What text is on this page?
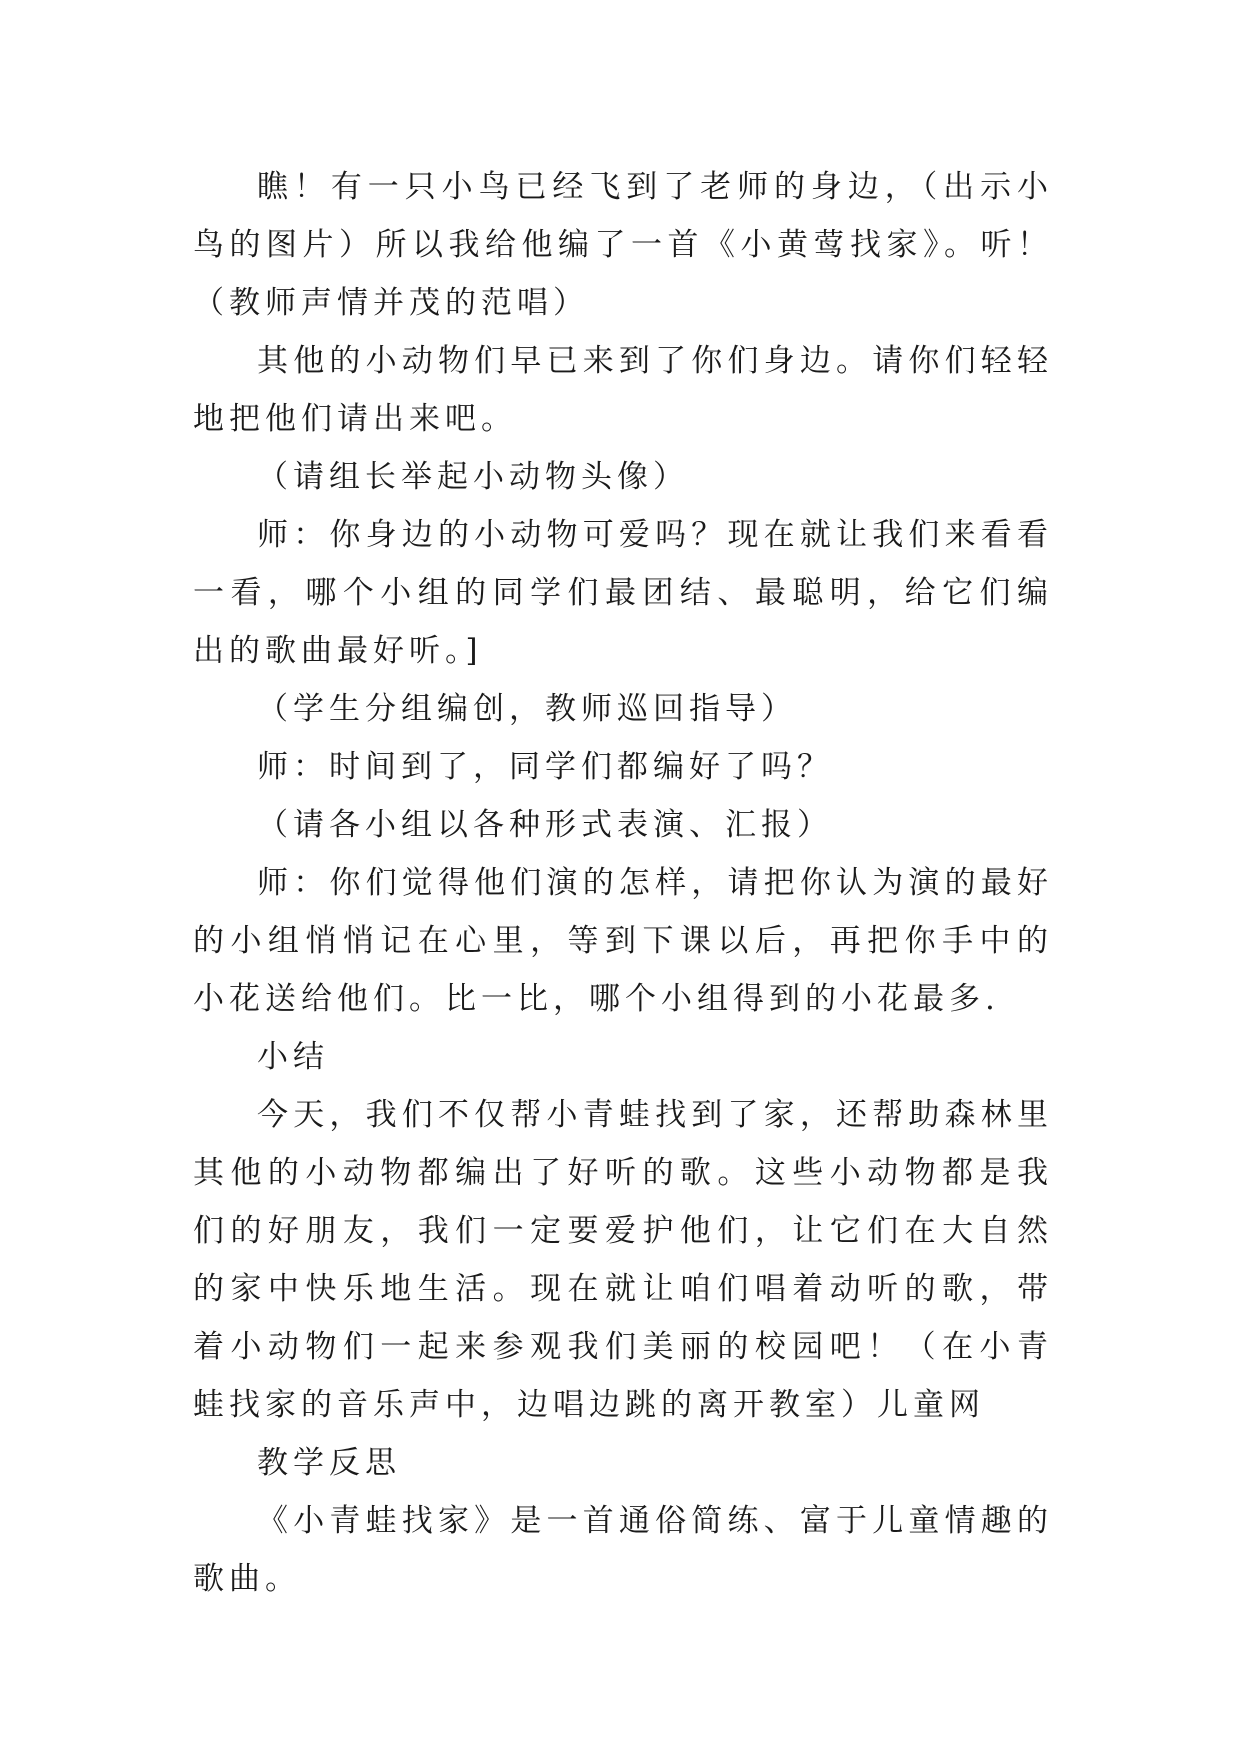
瞧！有一只小鸟已经飞到了老师的身边，（出示小鸟的图片）所以我给他编了一首《小黄莺找家》。听！（教师声情并茂的范唱）

其他的小动物们早已来到了你们身边。请你们轻轻地把他们请出来吧。

（请组长举起小动物头像）

师：你身边的小动物可爱吗？现在就让我们来看看一看，哪个小组的同学们最团结、最聪明，给它们编出的歌曲最好听。]

（学生分组编创，教师巡回指导）

师：时间到了，同学们都编好了吗？

（请各小组以各种形式表演、汇报）

师：你们觉得他们演的怎样，请把你认为演的最好的小组悄悄记在心里，等到下课以后，再把你手中的小花送给他们。比一比，哪个小组得到的小花最多.

小结

今天，我们不仅帮小青蛙找到了家，还帮助森林里其他的小动物都编出了好听的歌。这些小动物都是我们的好朋友，我们一定要爱护他们，让它们在大自然的家中快乐地生活。现在就让咱们唱着动听的歌，带着小动物们一起来参观我们美丽的校园吧！（在小青蛙找家的音乐声中，边唱边跳的离开教室）儿童网

教学反思

《小青蛙找家》是一首通俗简练、富于儿童情趣的歌曲。
